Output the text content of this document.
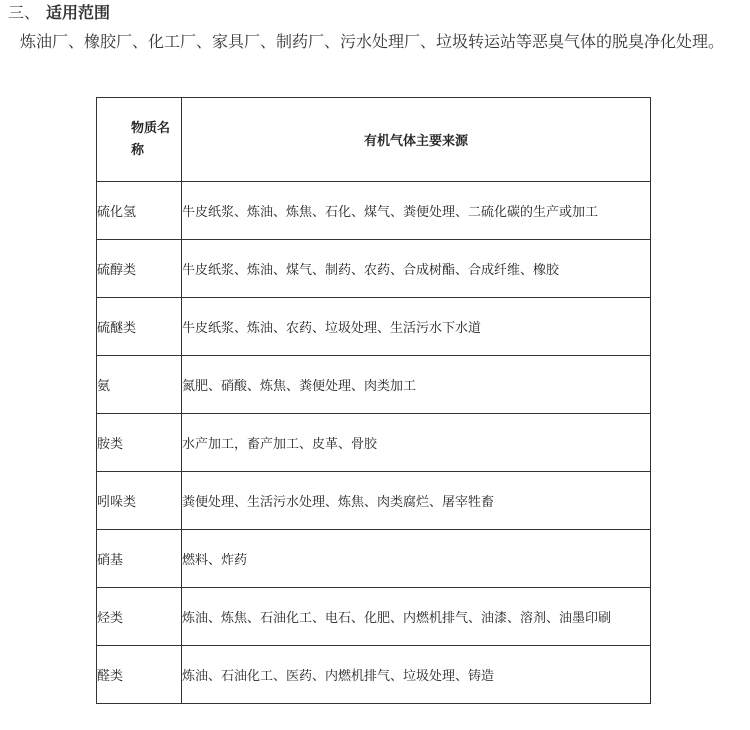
三、 适用范围
炼油厂、橡胶厂、化工厂、家具厂、制药厂、污水处理厂、垃圾转运站等恶臭气体的脱臭净化处理。
物质名称	有机气体主要来源
硫化氢	牛皮纸浆、炼油、炼焦、石化、煤气、粪便处理、二硫化碳的生产或加工
硫醇类	牛皮纸浆、炼油、煤气、制药、农药、合成树酯、合成纤维、橡胶
硫醚类	牛皮纸浆、炼油、农药、垃圾处理、生活污水下水道
氨	氮肥、硝酸、炼焦、粪便处理、肉类加工
胺类	水产加工，畜产加工、皮革、骨胶
吲哚类	粪便处理、生活污水处理、炼焦、肉类腐烂、屠宰牲畜
硝基	燃料、炸药
烃类	炼油、炼焦、石油化工、电石、化肥、内燃机排气、油漆、溶剂、油墨印刷
醛类	炼油、石油化工、医药、内燃机排气、垃圾处理、铸造
